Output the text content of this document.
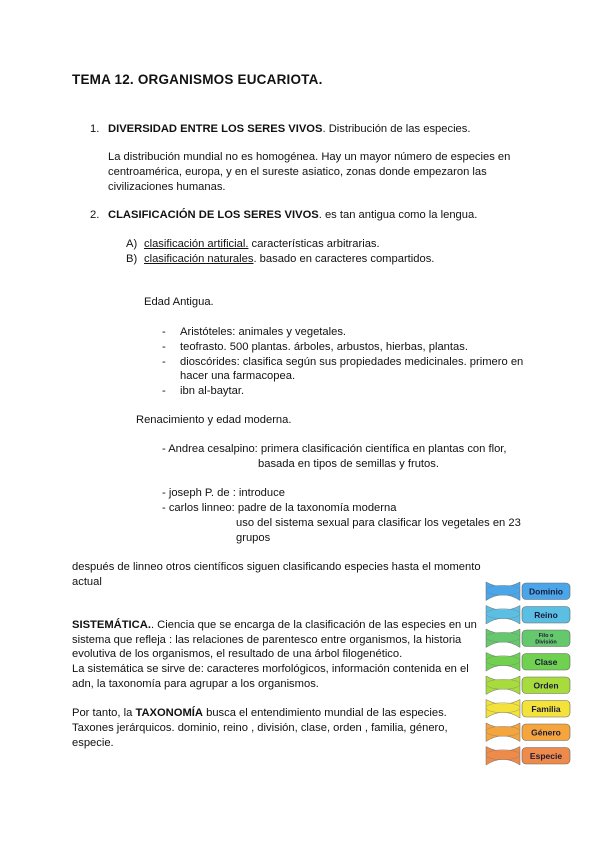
TEMA 12. ORGANISMOS EUCARIOTA.
1. DIVERSIDAD ENTRE LOS SERES VIVOS. Distribución de las especies.
La distribución mundial no es homogénea. Hay un mayor número de especies en
centroamérica, europa, y en el sureste asiatico, zonas donde empezaron las
civilizaciones humanas.
2. CLASIFICACIÓN DE LOS SERES VIVOS. es tan antigua como la lengua.
A) clasificación artificial. características arbitrarias.
B) clasificación naturales. basado en caracteres compartidos.
Edad Antigua.
- Aristóteles: animales y vegetales.
- teofrasto. 500 plantas. árboles, arbustos, hierbas, plantas.
- dioscórides: clasifica según sus propiedades medicinales. primero en
hacer una farmacopea.
- ibn al-baytar.
Renacimiento y edad moderna.
- Andrea cesalpino: primera clasificación científica en plantas con flor,
basada en tipos de semillas y frutos.
- joseph P. de : introduce
- carlos linneo: padre de la taxonomía moderna
uso del sistema sexual para clasificar los vegetales en 23
grupos
después de linneo otros científicos siguen clasificando especies hasta el momento
actual
SISTEMÁTICA.. Ciencia que se encarga de la clasificación de las especies en un
sistema que refleja : las relaciones de parentesco entre organismos, la historia
evolutiva de los organismos, el resultado de una árbol filogenético.
La sistemática se sirve de: caracteres morfológicos, información contenida en el
adn, la taxonomía para agrupar a los organismos.
Por tanto, la TAXONOMÍA busca el entendimiento mundial de las especies.
Taxones jerárquicos. dominio, reino , división, clase, orden , familia, género,
especie.
Dominio
Reino
Filo o
División
Clase
Orden
Familia
Género
Especie
